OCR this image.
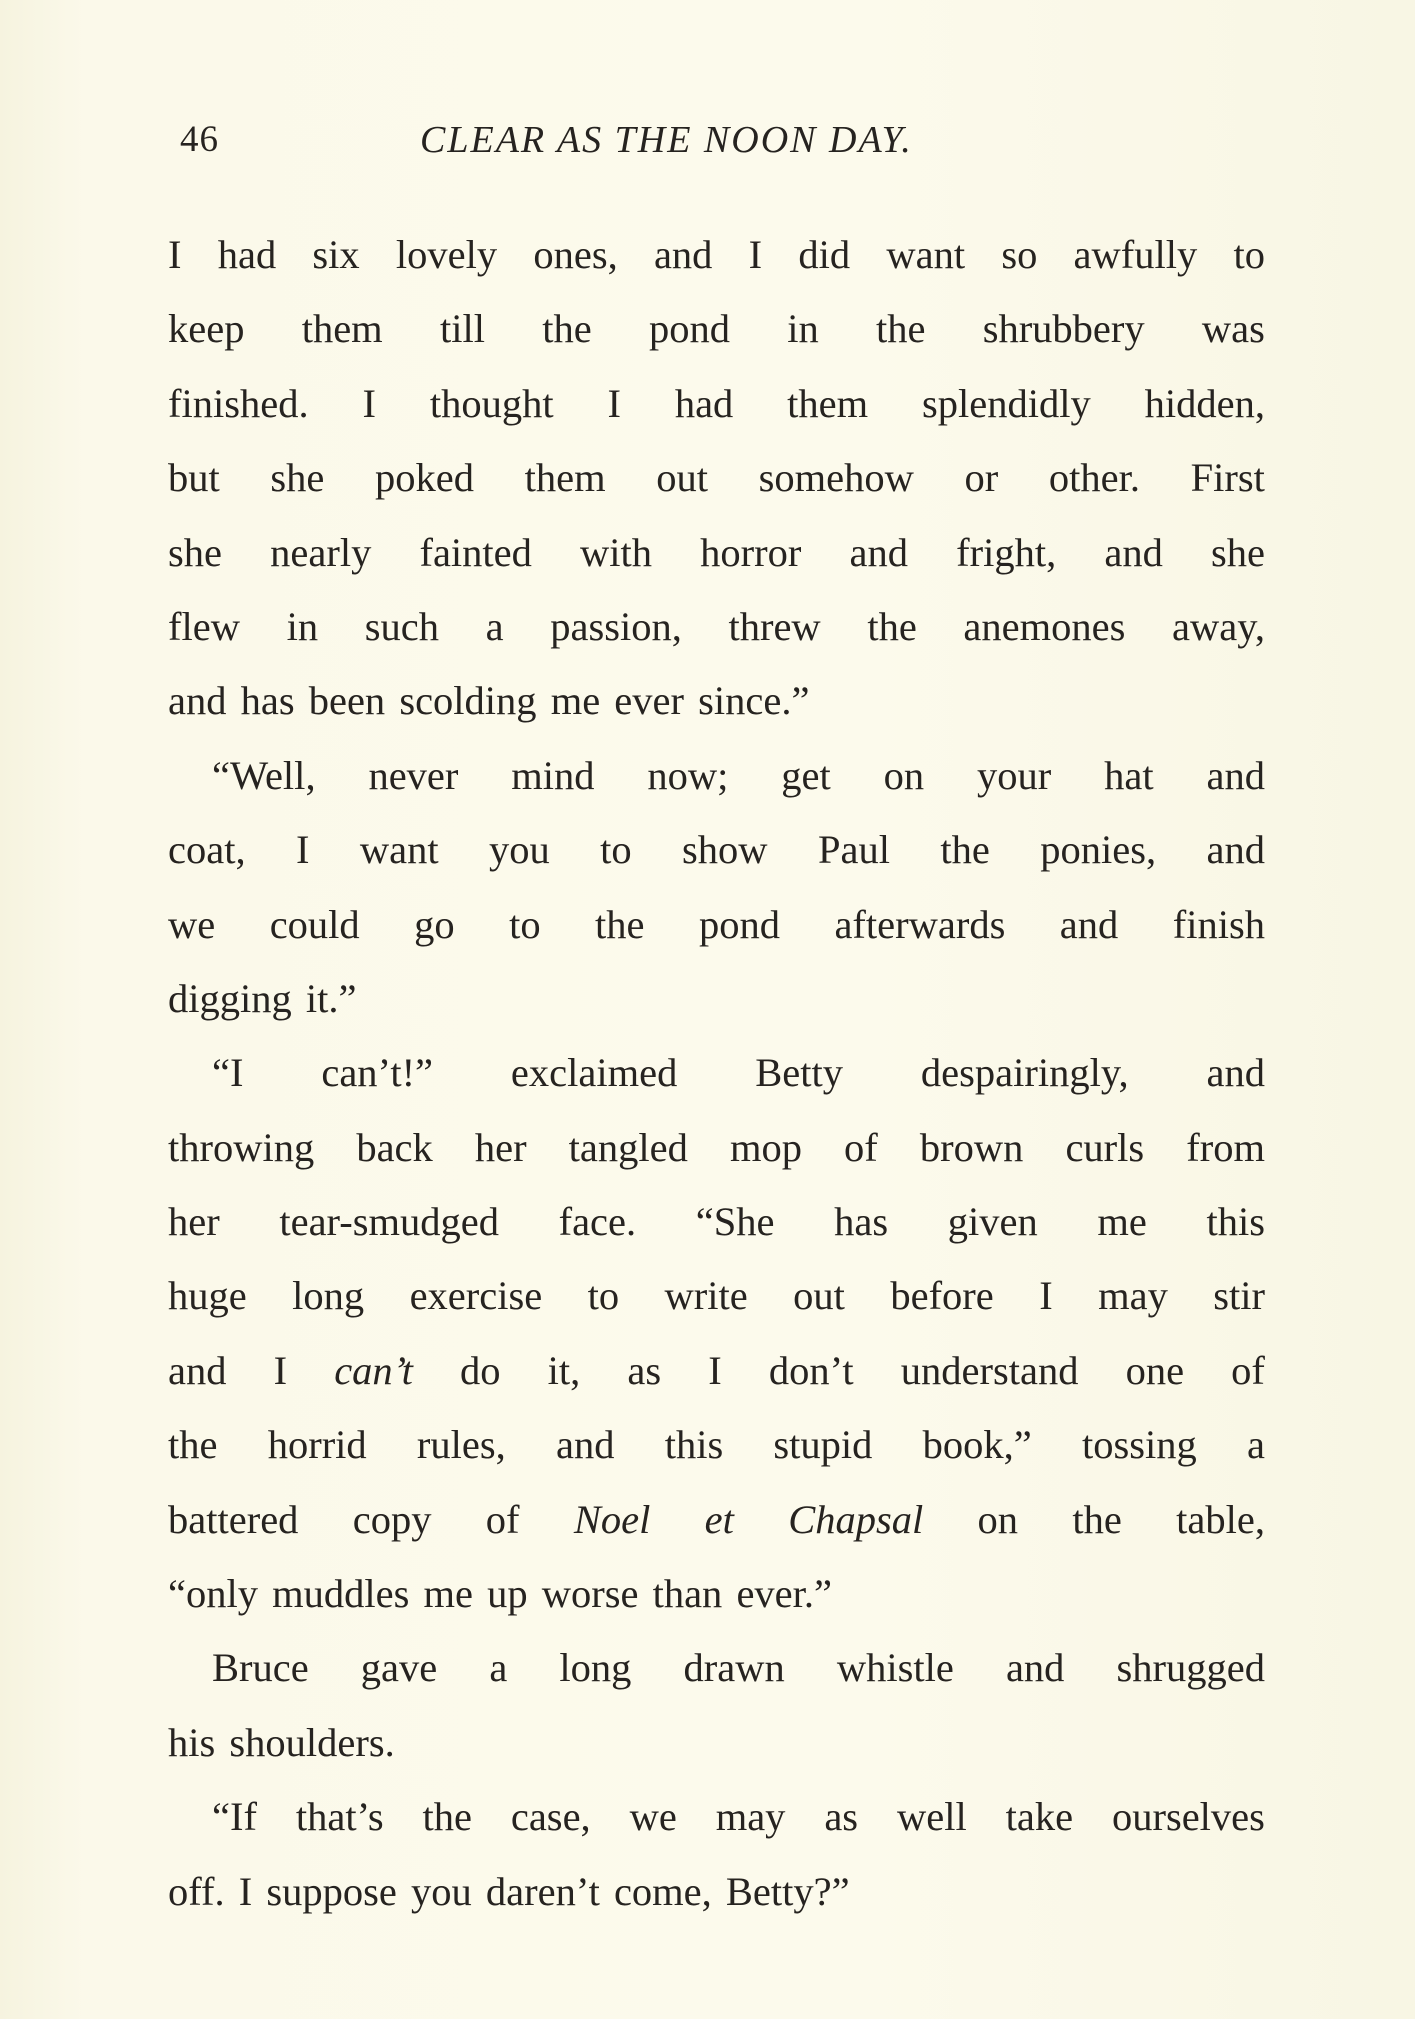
46	CLEAR AS THE NOON DAY.
I had six lovely ones, and I did want so awfully to
keep them till the pond in the shrubbery was
finished. I thought I had them splendidly hidden,
but she poked them out somehow or other. First
she nearly fainted with horror and fright, and she
flew in such a passion, threw the anemones away,
and has been scolding me ever since.”
“Well, never mind now; get on your hat and
coat, I want you to show Paul the ponies, and
we could go to the pond afterwards and finish
digging it.”
“I can’t!” exclaimed Betty despairingly, and
throwing back her tangled mop of brown curls from
her tear-smudged face. “She has given me this
huge long exercise to write out before I may stir
and I can’t do it, as I don’t understand one of
the horrid rules, and this stupid book,” tossing a
battered copy of Noel et Chapsal on the table,
“only muddles me up worse than ever.”
Bruce gave a long drawn whistle and shrugged
his shoulders.
“If that’s the case, we may as well take ourselves
off. I suppose you daren’t come, Betty?”
